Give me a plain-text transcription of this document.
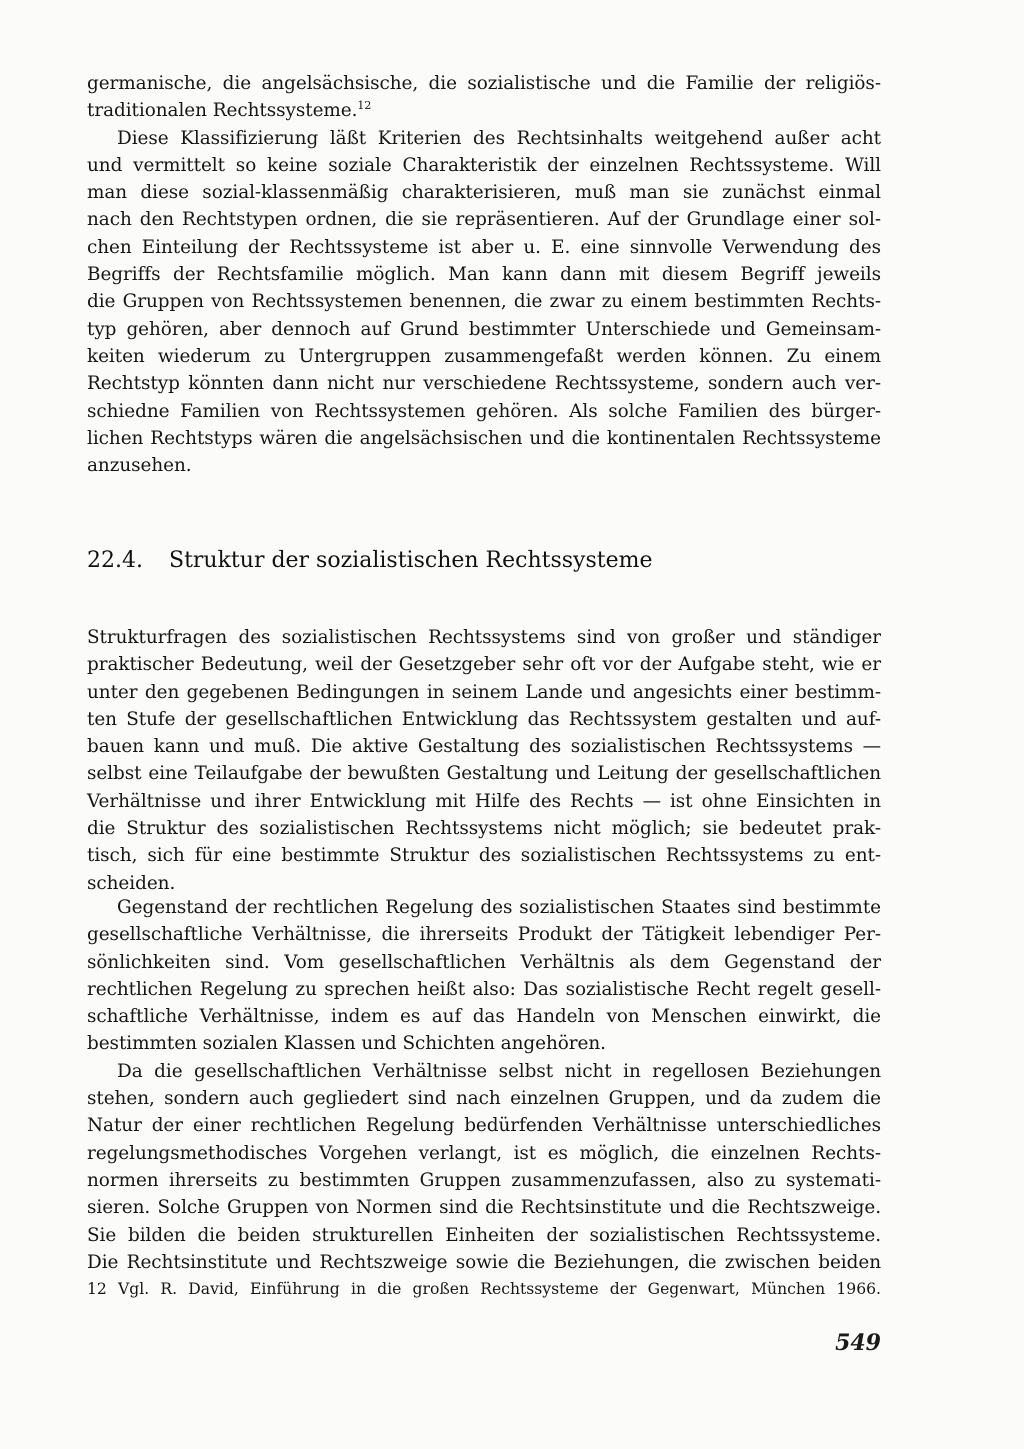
germanische, die angelsächsische, die sozialistische und die Familie der religiös-
traditionalen Rechtssysteme.$^{12}$
Diese Klassifizierung läßt Kriterien des Rechtsinhalts weitgehend außer acht
und vermittelt so keine soziale Charakteristik der einzelnen Rechtssysteme. Will
man diese sozial-klassenmäßig charakterisieren, muß man sie zunächst einmal
nach den Rechtstypen ordnen, die sie repräsentieren. Auf der Grundlage einer sol-
chen Einteilung der Rechtssysteme ist aber u. E. eine sinnvolle Verwendung des
Begriffs der Rechtsfamilie möglich. Man kann dann mit diesem Begriff jeweils
die Gruppen von Rechtssystemen benennen, die zwar zu einem bestimmten Rechts-
typ gehören, aber dennoch auf Grund bestimmter Unterschiede und Gemeinsam-
keiten wiederum zu Untergruppen zusammengefaßt werden können. Zu einem
Rechtstyp könnten dann nicht nur verschiedene Rechtssysteme, sondern auch ver-
schiedne Familien von Rechtssystemen gehören. Als solche Familien des bürger-
lichen Rechtstyps wären die angelsächsischen und die kontinentalen Rechtssysteme
anzusehen.
22.4. Struktur der sozialistischen Rechtssysteme
Strukturfragen des sozialistischen Rechtssystems sind von großer und ständiger
praktischer Bedeutung, weil der Gesetzgeber sehr oft vor der Aufgabe steht, wie er
unter den gegebenen Bedingungen in seinem Lande und angesichts einer bestimm-
ten Stufe der gesellschaftlichen Entwicklung das Rechtssystem gestalten und auf-
bauen kann und muß. Die aktive Gestaltung des sozialistischen Rechtssystems —
selbst eine Teilaufgabe der bewußten Gestaltung und Leitung der gesellschaftlichen
Verhältnisse und ihrer Entwicklung mit Hilfe des Rechts — ist ohne Einsichten in
die Struktur des sozialistischen Rechtssystems nicht möglich; sie bedeutet prak-
tisch, sich für eine bestimmte Struktur des sozialistischen Rechtssystems zu ent-
scheiden.
Gegenstand der rechtlichen Regelung des sozialistischen Staates sind bestimmte
gesellschaftliche Verhältnisse, die ihrerseits Produkt der Tätigkeit lebendiger Per-
sönlichkeiten sind. Vom gesellschaftlichen Verhältnis als dem Gegenstand der
rechtlichen Regelung zu sprechen heißt also: Das sozialistische Recht regelt gesell-
schaftliche Verhältnisse, indem es auf das Handeln von Menschen einwirkt, die
bestimmten sozialen Klassen und Schichten angehören.
Da die gesellschaftlichen Verhältnisse selbst nicht in regellosen Beziehungen
stehen, sondern auch gegliedert sind nach einzelnen Gruppen, und da zudem die
Natur der einer rechtlichen Regelung bedürfenden Verhältnisse unterschiedliches
regelungsmethodisches Vorgehen verlangt, ist es möglich, die einzelnen Rechts-
normen ihrerseits zu bestimmten Gruppen zusammenzufassen, also zu systemati-
sieren. Solche Gruppen von Normen sind die Rechtsinstitute und die Rechtszweige.
Sie bilden die beiden strukturellen Einheiten der sozialistischen Rechtssysteme.
Die Rechtsinstitute und Rechtszweige sowie die Beziehungen, die zwischen beiden
12 Vgl. R. David, Einführung in die großen Rechtssysteme der Gegenwart, München 1966.
549
